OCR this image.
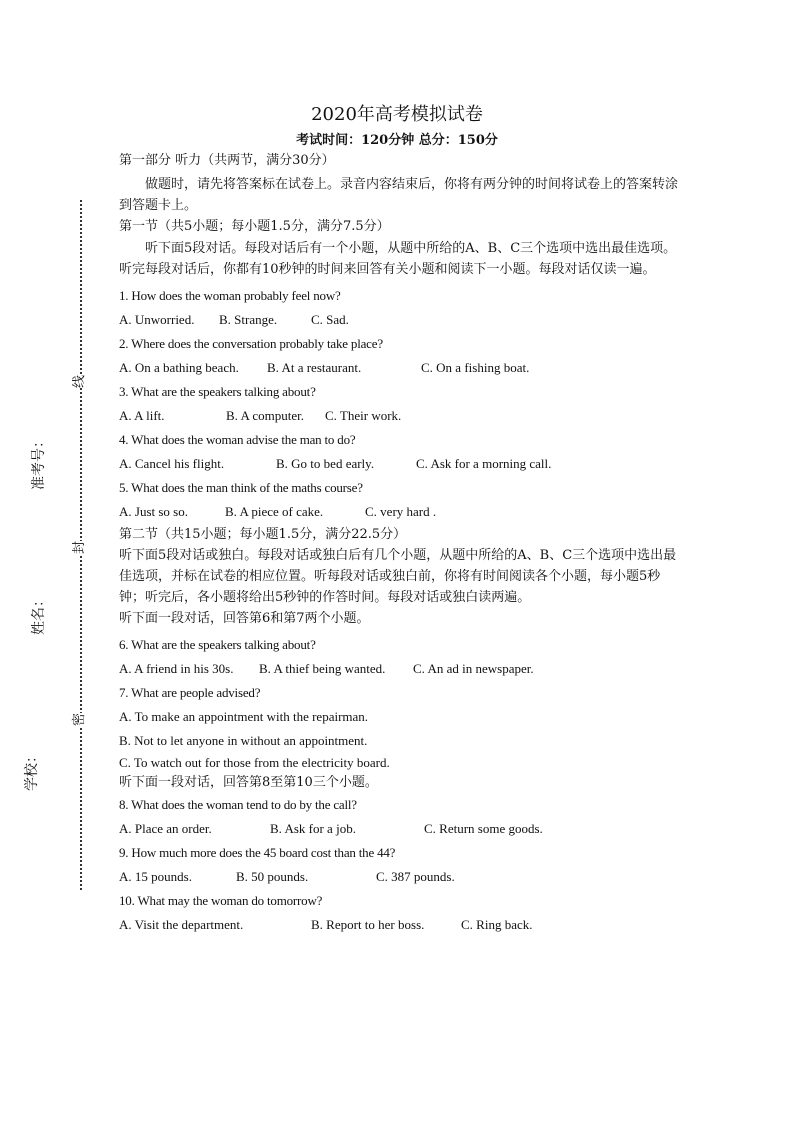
准考号：
姓名：
学校：
线
封
密
2020年高考模拟试卷
考试时间：120分钟 总分：150分
第一部分 听力（共两节，满分30分）
做题时，请先将答案标在试卷上。录音内容结束后，你将有两分钟的时间将试卷上的答案转涂到答题卡上。
第一节（共5小题；每小题1.5分，满分7.5分）
听下面5段对话。每段对话后有一个小题，从题中所给的A、B、C三个选项中选出最佳选项。听完每段对话后，你都有10秒钟的时间来回答有关小题和阅读下一小题。每段对话仅读一遍。
1. How does the woman probably feel now?
A. Unworried. B. Strange.	C. Sad.
2. Where does the conversation probably take place?
A. On a bathing beach. B. At a restaurant.	C. On a fishing boat.
3. What are the speakers talking about?
A. A lift.	B. A computer. C. Their work.
4. What does the woman advise the man to do?
A. Cancel his flight.	B. Go to bed early.	C. Ask for a morning call.
5. What does the man think of the maths course?
A. Just so so.	B. A piece of cake.	C. very hard .
第二节（共15小题；每小题1.5分，满分22.5分）
听下面5段对话或独白。每段对话或独白后有几个小题，从题中所给的A、B、C三个选项中选出最佳选项，并标在试卷的相应位置。听每段对话或独白前，你将有时间阅读各个小题，每小题5秒钟；听完后，各小题将给出5秒钟的作答时间。每段对话或独白读两遍。
听下面一段对话，回答第6和第7两个小题。
6. What are the speakers talking about?
A. A friend in his 30s. B. A thief being wanted. C. An ad in newspaper.
7. What are people advised?
A. To make an appointment with the repairman.
B. Not to let anyone in without an appointment.
C. To watch out for those from the electricity board.
听下面一段对话，回答第8至第10三个小题。
8. What does the woman tend to do by the call?
A. Place an order.	B. Ask for a job.	C. Return some goods.
9. How much more does the 45 board cost than the 44?
A. 15 pounds.	B. 50 pounds.	C. 387 pounds.
10. What may the woman do tomorrow?
A. Visit the department.	B. Report to her boss.	C. Ring back.
